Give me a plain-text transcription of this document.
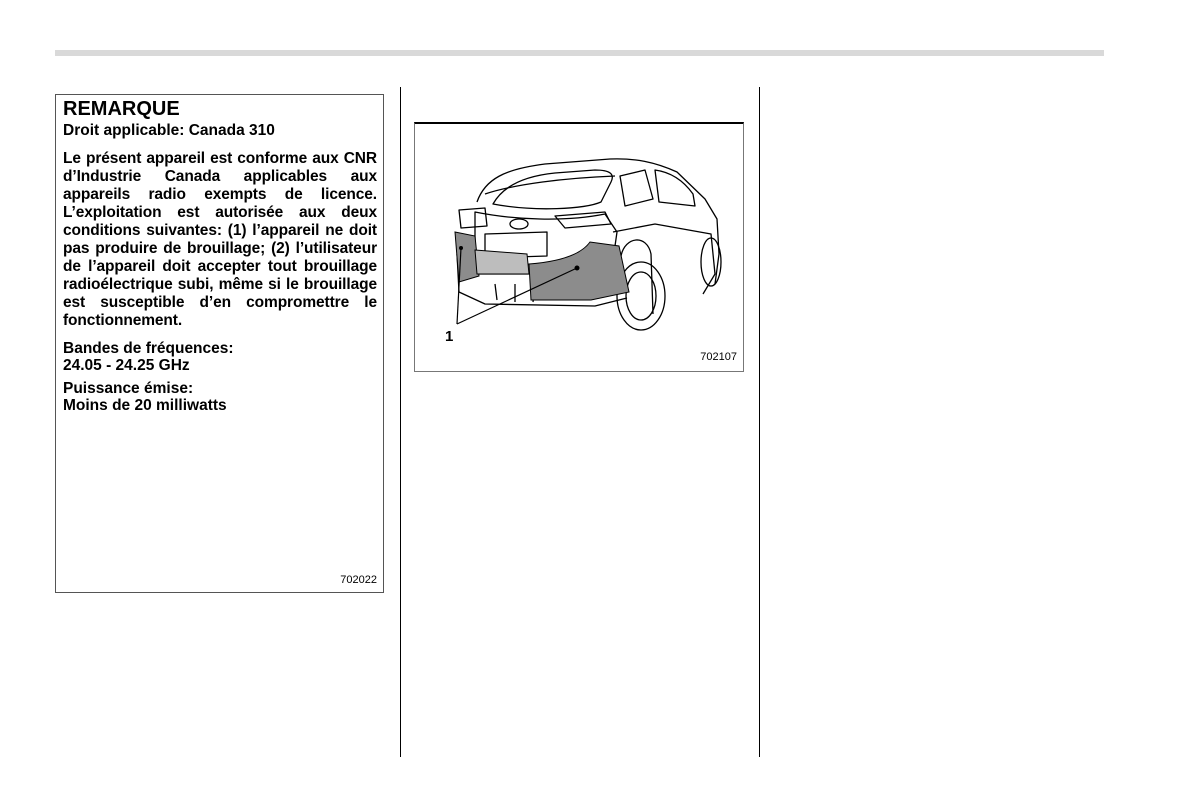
REMARQUE

Droit applicable: Canada 310

Le présent appareil est conforme aux CNR d’Industrie Canada applicables aux appareils radio exempts de licence. L’exploitation est autorisée aux deux conditions suivantes: (1) l’appareil ne doit pas produire de brouillage; (2) l’utilisateur de l’appareil doit accepter tout brouillage radioélectrique subi, même si le brouillage est susceptible d’en compromettre le fonctionnement.

Bandes de fréquences:

24.05 - 24.25 GHz

Puissance émise:

Moins de 20 milliwatts

702022
1
702107
